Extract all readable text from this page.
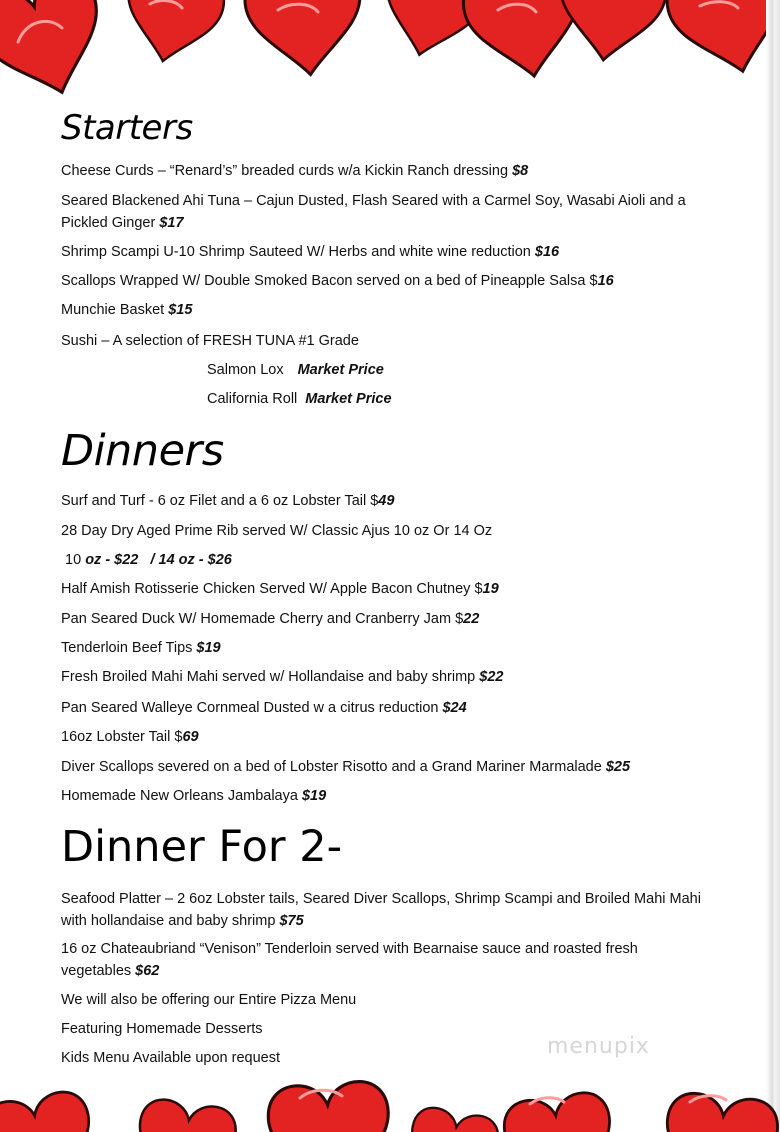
Starters
Cheese Curds – “Renard’s” breaded curds w/a Kickin Ranch dressing $8
Seared Blackened Ahi Tuna – Cajun Dusted, Flash Seared with a Carmel Soy, Wasabi Aioli and a Pickled Ginger $17
Shrimp Scampi U-10 Shrimp Sauteed W/ Herbs and white wine reduction $16
Scallops Wrapped W/ Double Smoked Bacon served on a bed of Pineapple Salsa $16
Munchie Basket $15
Sushi – A selection of FRESH TUNA #1 Grade
Salmon Lox Market Price
California Roll Market Price
Dinners
Surf and Turf - 6 oz Filet and a 6 oz Lobster Tail $49
28 Day Dry Aged Prime Rib served W/ Classic Ajus 10 oz Or 14 Oz
10 oz - $22   / 14 oz - $26
Half Amish Rotisserie Chicken Served W/ Apple Bacon Chutney $19
Pan Seared Duck W/ Homemade Cherry and Cranberry Jam $22
Tenderloin Beef Tips $19
Fresh Broiled Mahi Mahi served w/ Hollandaise and baby shrimp $22
Pan Seared Walleye Cornmeal Dusted w a citrus reduction $24
16oz Lobster Tail $69
Diver Scallops severed on a bed of Lobster Risotto and a Grand Mariner Marmalade $25
Homemade New Orleans Jambalaya $19
Dinner For 2-
Seafood Platter – 2 6oz Lobster tails, Seared Diver Scallops, Shrimp Scampi and Broiled Mahi Mahi with hollandaise and baby shrimp $75
16 oz Chateaubriand “Venison” Tenderloin served with Bearnaise sauce and roasted fresh vegetables $62
We will also be offering our Entire Pizza Menu
Featuring Homemade Desserts
Kids Menu Available upon request	menupix
